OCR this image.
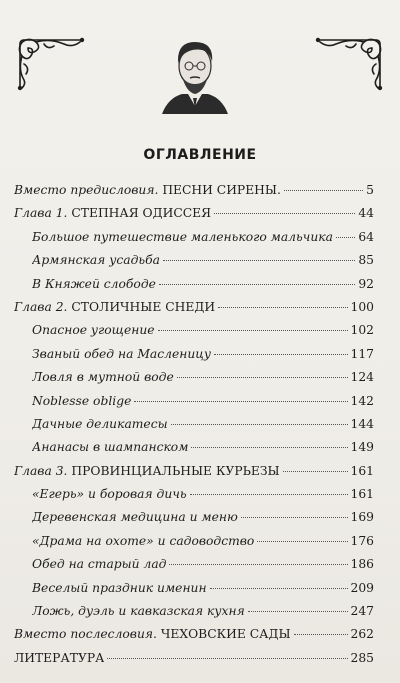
ОГЛАВЛЕНИЕ
Вместо предисловия. ПЕСНИ СИРЕНЫ.	5
Глава 1. СТЕПНАЯ ОДИССЕЯ	44
Большое путешествие маленького мальчика 64
Армянская усадьба	85
В Княжей слободе	92
Глава 2. СТОЛИЧНЫЕ СНЕДИ	100
Опасное угощение	102
Званый обед на Масленицу	117
Ловля в мутной воде	124
Noblesse oblige	142
Дачные деликатесы	144
Ананасы в шампанском	149
Глава 3. ПРОВИНЦИАЛЬНЫЕ КУРЬЕЗЫ	161
«Егерь» и боровая дичь	161
Деревенская медицина и меню	169
«Драма на охоте» и садоводство	176
Обед на старый лад	186
Веселый праздник именин	209
Ложь, дуэль и кавказская кухня	247
Вместо послесловия. ЧЕХОВСКИЕ САДЫ	262
ЛИТЕРАТУРА	285
